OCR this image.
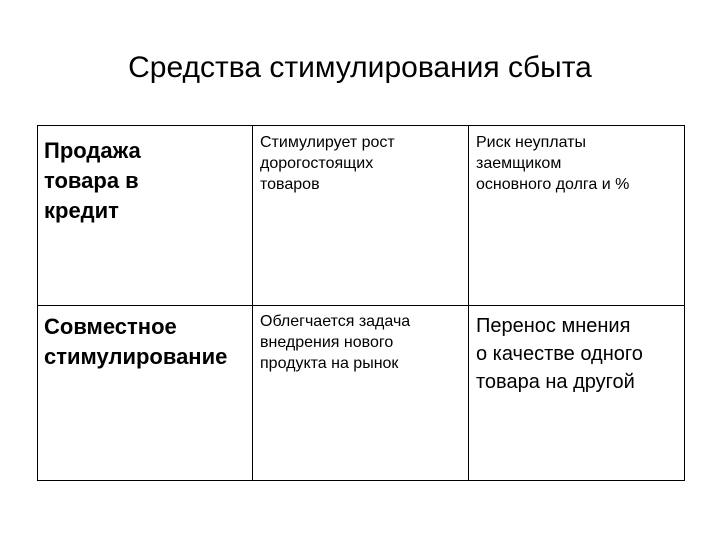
Средства стимулирования сбыта
Продажа
товара в
кредит
Стимулирует рост
дорогостоящих
товаров
Риск неуплаты
заемщиком
основного долга и %
Совместное
стимулирование
Облегчается задача
внедрения нового
продукта на рынок
Перенос мнения
о качестве одного
товара на другой
